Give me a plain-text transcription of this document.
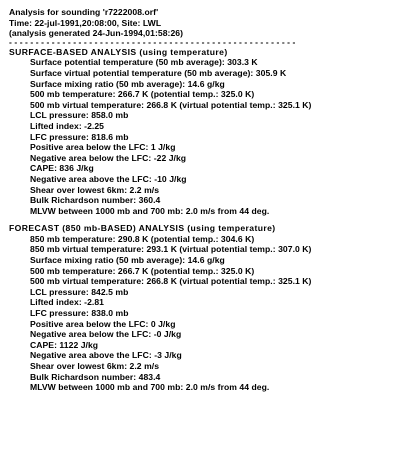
Analysis for sounding 'r7222008.orf'
Time: 22-jul-1991,20:08:00, Site: LWL
(analysis generated 24-Jun-1994,01:58:26)
- - - - - - - - - - - - - - - - - - - - - - - - - - - - - - - - - - - - - - - - - - - - - - - - - - - - - -
SURFACE-BASED ANALYSIS (using temperature)
Surface potential temperature (50 mb average): 303.3 K
Surface virtual potential temperature (50 mb average): 305.9 K
Surface mixing ratio (50 mb average): 14.6 g/kg
500 mb temperature: 266.7 K (potential temp.: 325.0 K)
500 mb virtual temperature: 266.8 K (virtual potential temp.: 325.1 K)
LCL pressure: 858.0 mb
Lifted index: -2.25
LFC pressure: 818.6 mb
Positive area below the LFC: 1 J/kg
Negative area below the LFC: -22 J/kg
CAPE: 836 J/kg
Negative area above the LFC: -10 J/kg
Shear over lowest 6km: 2.2 m/s
Bulk Richardson number: 360.4
MLVW between 1000 mb and 700 mb: 2.0 m/s from 44 deg.
FORECAST (850 mb-BASED) ANALYSIS (using temperature)
850 mb temperature: 290.8 K (potential temp.: 304.6 K)
850 mb virtual temperature: 293.1 K (virtual potential temp.: 307.0 K)
Surface mixing ratio (50 mb average): 14.6 g/kg
500 mb temperature: 266.7 K (potential temp.: 325.0 K)
500 mb virtual temperature: 266.8 K (virtual potential temp.: 325.1 K)
LCL pressure: 842.5 mb
Lifted index: -2.81
LFC pressure: 838.0 mb
Positive area below the LFC: 0 J/kg
Negative area below the LFC: -0 J/kg
CAPE: 1122 J/kg
Negative area above the LFC: -3 J/kg
Shear over lowest 6km: 2.2 m/s
Bulk Richardson number: 483.4
MLVW between 1000 mb and 700 mb: 2.0 m/s from 44 deg.
